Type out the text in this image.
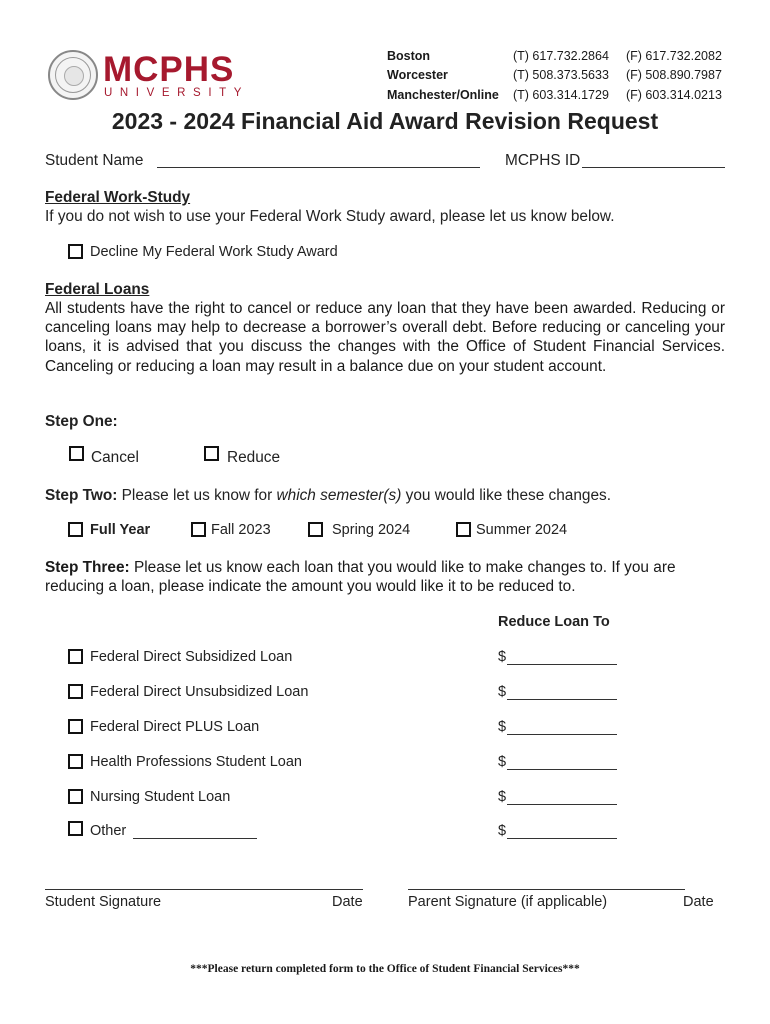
MCPHS
UNIVERSITY
Boston	(T) 617.732.2864 (F) 617.732.2082
Worcester	(T) 508.373.5633 (F) 508.890.7987
Manchester/Online (T) 603.314.1729 (F) 603.314.0213
2023 - 2024 Financial Aid Award Revision Request
Student Name	MCPHS ID
Federal Work-Study
If you do not wish to use your Federal Work Study award, please let us know below.
Decline My Federal Work Study Award
Federal Loans
All students have the right to cancel or reduce any loan that they have been awarded. Reducing or canceling loans may help to decrease a borrower’s overall debt. Before reducing or canceling your loans, it is advised that you discuss the changes with the Office of Student Financial Services. Canceling or reducing a loan may result in a balance due on your student account.
Step One:
Cancel	Reduce
Step Two: Please let us know for which semester(s) you would like these changes.
Full Year	Fall 2023	Spring 2024	Summer 2024
Step Three: Please let us know each loan that you would like to make changes to. If you are reducing a loan, please indicate the amount you would like it to be reduced to.
Reduce Loan To
Federal Direct Subsidized Loan	$
Federal Direct Unsubsidized Loan	$
Federal Direct PLUS Loan	$
Health Professions Student Loan	$
Nursing Student Loan	$
Other	$
Student Signature	Date	Parent Signature (if applicable)	Date
***Please return completed form to the Office of Student Financial Services***
